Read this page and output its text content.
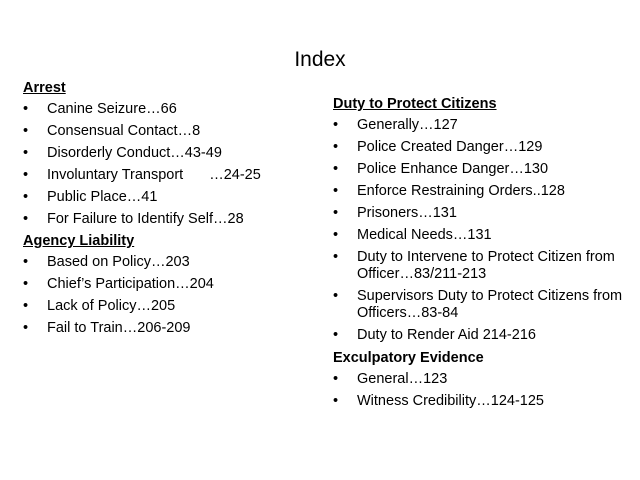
Index
Arrest
• Canine Seizure…66
• Consensual Contact…8
• Disorderly Conduct…43-49
• Involuntary Transport …24-25
• Public Place…41
• For Failure to Identify Self…28
Agency Liability
• Based on Policy…203
• Chief’s Participation…204
• Lack of Policy…205
• Fail to Train…206-209
Duty to Protect Citizens
• Generally…127
• Police Created Danger…129
• Police Enhance Danger…130
• Enforce Restraining Orders..128
• Prisoners…131
• Medical Needs…131
• Duty to Intervene to Protect Citizen from Officer…83/211-213
• Supervisors Duty to Protect Citizens from Officers…83-84
• Duty to Render Aid 214-216
Exculpatory Evidence
• General…123
• Witness Credibility…124-125
